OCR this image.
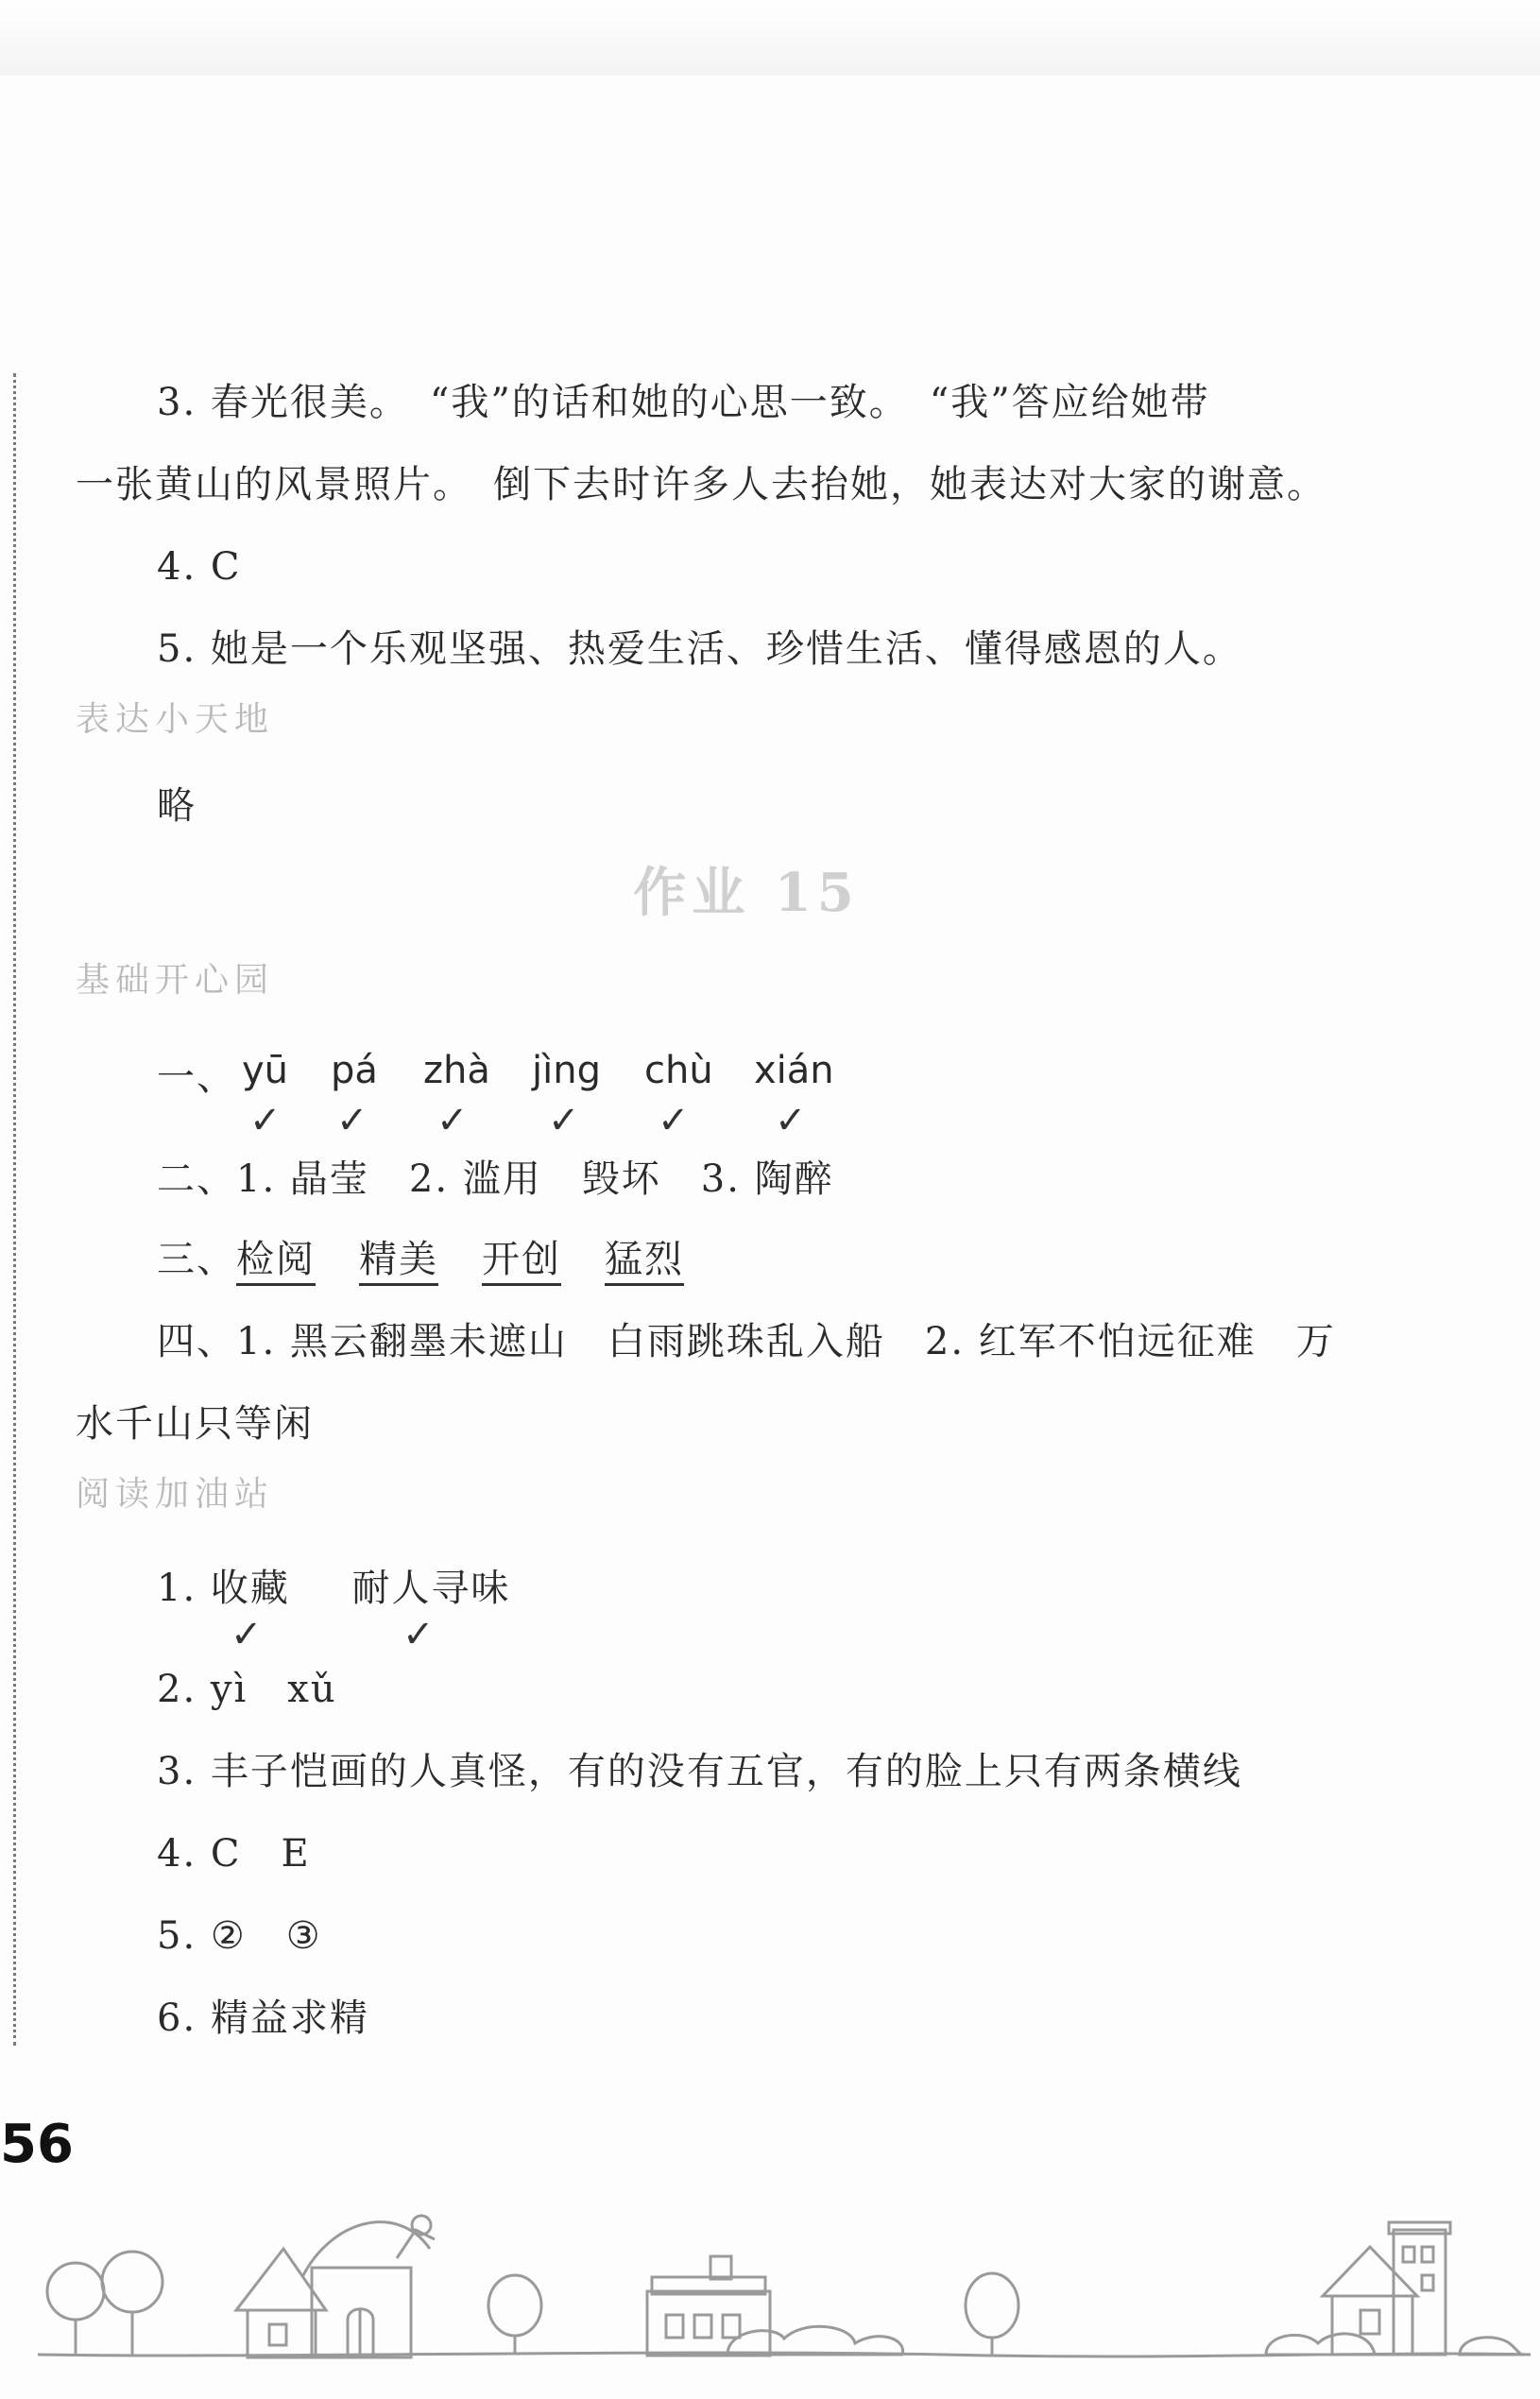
3. 春光很美。　“我”的话和她的心思一致。　“我”答应给她带
一张黄山的风景照片。　倒下去时许多人去抬她，她表达对大家的谢意。
4. C
5. 她是一个乐观坚强、热爱生活、珍惜生活、懂得感恩的人。
表达小天地
略
作业 15
基础开心园
一、 yū pá zhà jìng chù xián
✓ ✓ ✓ ✓ ✓ ✓
二、1. 晶莹　2. 滥用　毁坏　3. 陶醉
三、检阅 精美 开创 猛烈
四、1. 黑云翻墨未遮山　白雨跳珠乱入船　2. 红军不怕远征难　万
水千山只等闲
阅读加油站
1. 收藏 耐人寻味
✓	✓
2. yì　xǔ
3. 丰子恺画的人真怪，有的没有五官，有的脸上只有两条横线
4. C　E
5. ②　③
6. 精益求精
56
